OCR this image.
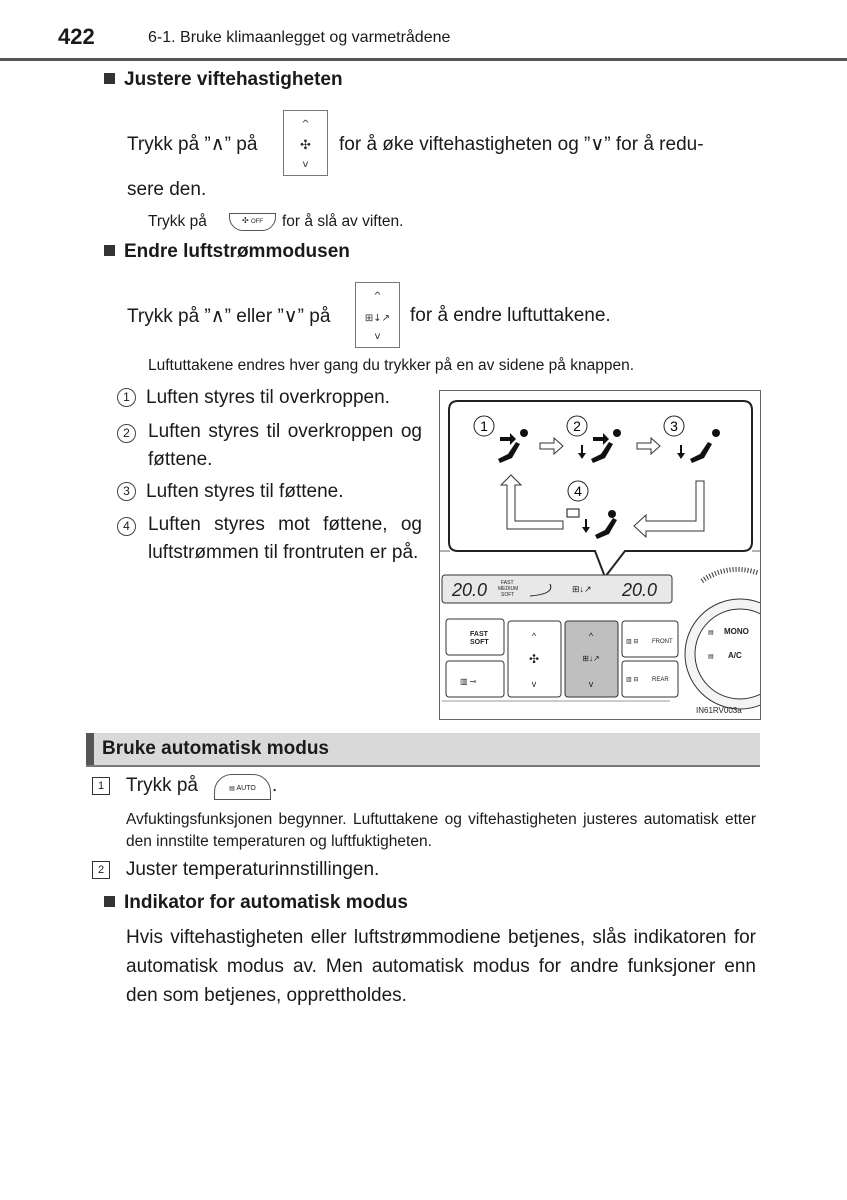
422	6-1. Bruke klimaanlegget og varmetrådene
Justere viftehastigheten
Trykk på ”∧” på
^
✣
v
for å øke viftehastigheten og ”∨” for å redu-
sere den.
Trykk på	✣ OFF	for å slå av viften.
Endre luftstrømmodusen
Trykk på ”∧” eller ”∨” på
^
⊞↓↗
v
for å endre luftuttakene.
Luftuttakene endres hver gang du trykker på en av sidene på knappen.
1 Luften styres til overkroppen.
2 Luften styres til overkroppen og føttene.
3 Luften styres til føttene.
4 Luften styres mot føttene, og luftstrømmen til frontruten er på.
1	2	3
4
20.0	FAST
MEDIUM
SOFT
⊞↓↗ 20.0
FAST
SOFT
▥ ⊸
^
✣
v
^
⊞↓↗
v
▥ ⊟ FRONT
▥ ⊟ REAR
▤ MONO
▤ A/C
IN61RV003a
Bruke automatisk modus
1 Trykk på	▤ AUTO .
Avfuktingsfunksjonen begynner. Luftuttakene og viftehastigheten justeres automatisk etter den innstilte temperaturen og luftfuktigheten.
2 Juster temperaturinnstillingen.
Indikator for automatisk modus
Hvis viftehastigheten eller luftstrømmodiene betjenes, slås indikatoren for automatisk modus av. Men automatisk modus for andre funksjoner enn den som betjenes, opprettholdes.
